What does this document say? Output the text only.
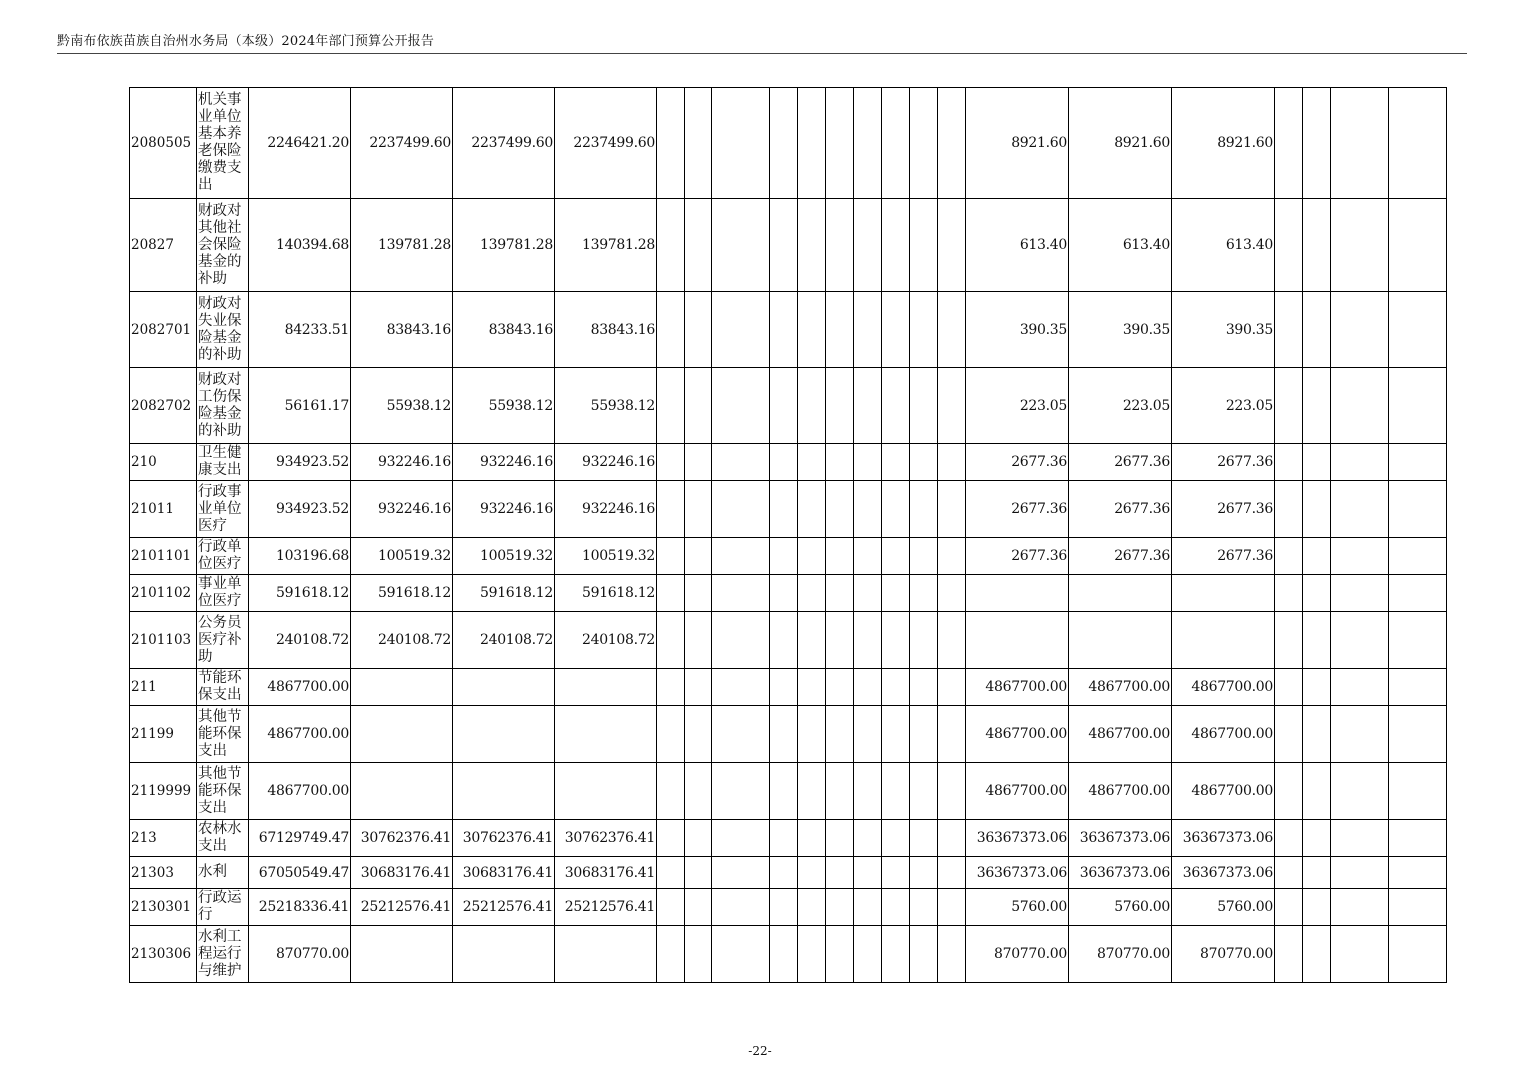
黔南布依族苗族自治州水务局（本级）2024年部门预算公开报告
2080505	机关事业单位基本养老保险缴费支出	2246421.20	2237499.60	2237499.60	2237499.60											8921.60	8921.60	8921.60				
20827	财政对其他社会保险基金的补助	140394.68	139781.28	139781.28	139781.28											613.40	613.40	613.40				
2082701	财政对失业保险基金的补助	84233.51	83843.16	83843.16	83843.16											390.35	390.35	390.35				
2082702	财政对工伤保险基金的补助	56161.17	55938.12	55938.12	55938.12											223.05	223.05	223.05				
210	卫生健康支出	934923.52	932246.16	932246.16	932246.16											2677.36	2677.36	2677.36				
21011	行政事业单位医疗	934923.52	932246.16	932246.16	932246.16											2677.36	2677.36	2677.36				
2101101	行政单位医疗	103196.68	100519.32	100519.32	100519.32											2677.36	2677.36	2677.36				
2101102	事业单位医疗	591618.12	591618.12	591618.12	591618.12																	
2101103	公务员医疗补助	240108.72	240108.72	240108.72	240108.72																	
211	节能环保支出	4867700.00														4867700.00	4867700.00	4867700.00				
21199	其他节能环保支出	4867700.00														4867700.00	4867700.00	4867700.00				
2119999	其他节能环保支出	4867700.00														4867700.00	4867700.00	4867700.00				
213	农林水支出	67129749.47	30762376.41	30762376.41	30762376.41											36367373.06	36367373.06	36367373.06				
21303	水利	67050549.47	30683176.41	30683176.41	30683176.41											36367373.06	36367373.06	36367373.06				
2130301	行政运行	25218336.41	25212576.41	25212576.41	25212576.41											5760.00	5760.00	5760.00				
2130306	水利工程运行与维护	870770.00														870770.00	870770.00	870770.00				
-22-
